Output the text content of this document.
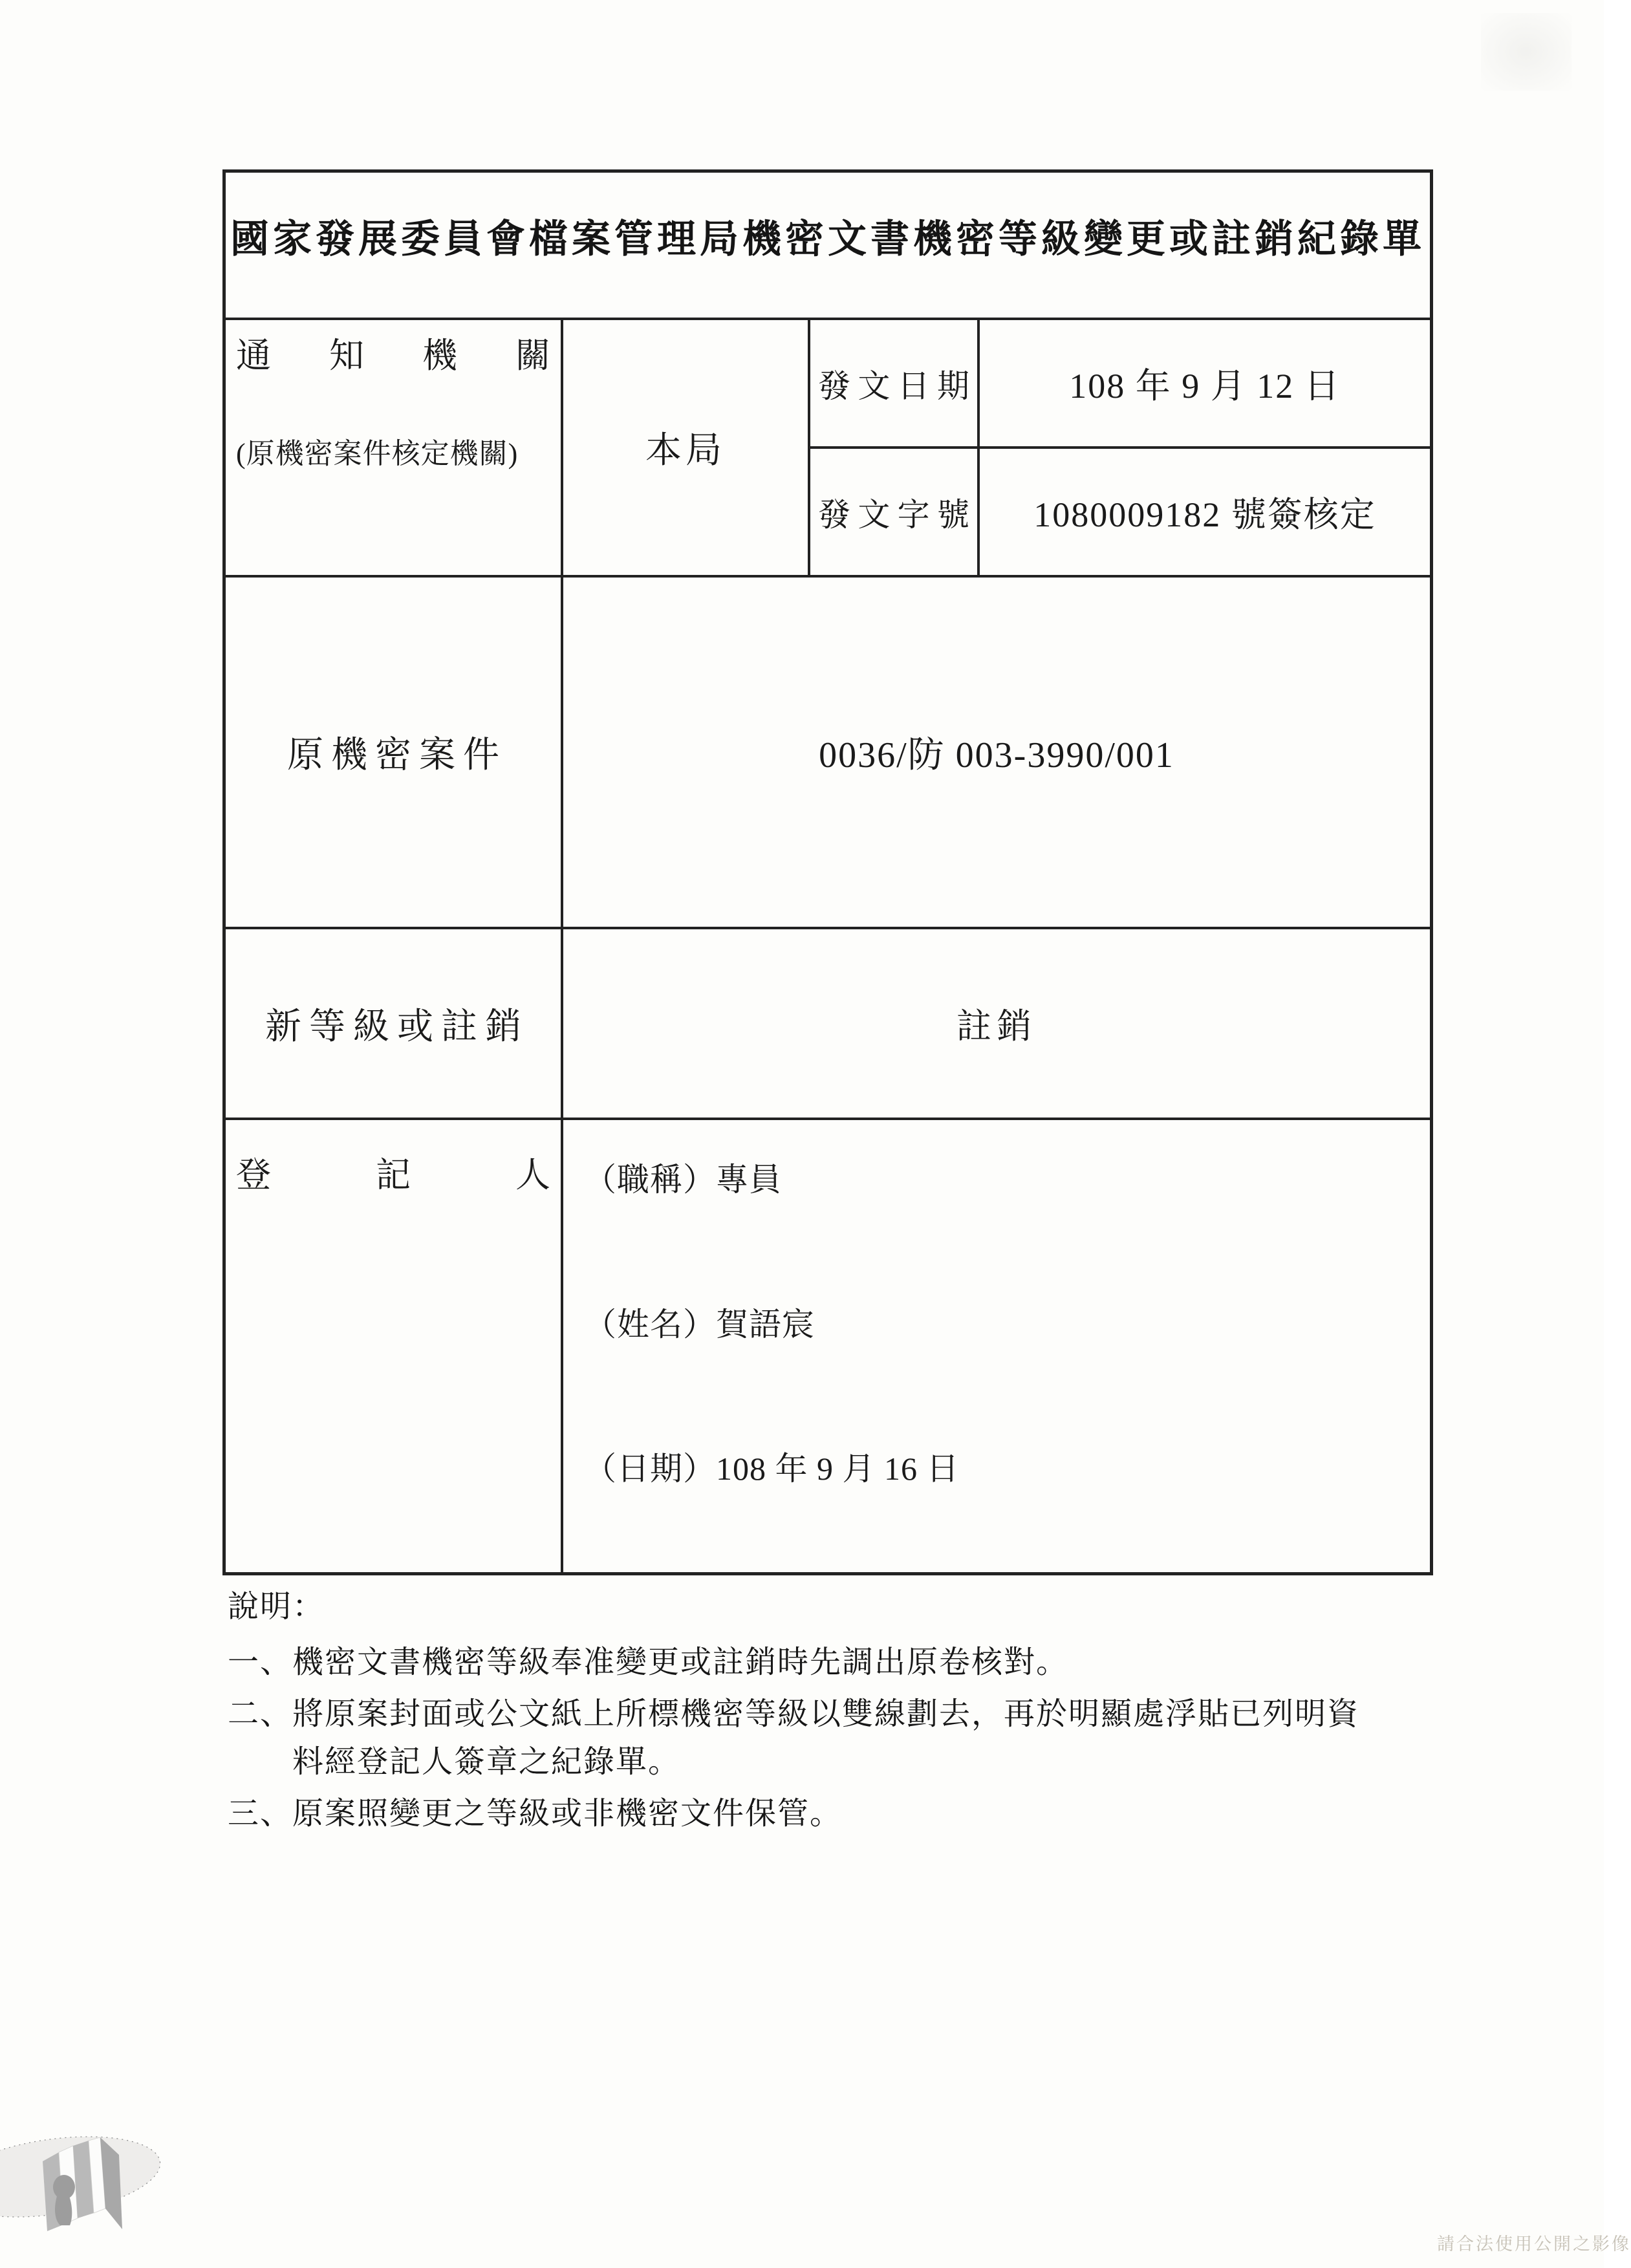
國家發展委員會檔案管理局機密文書機密等級變更或註銷紀錄單
通　知　機　關
(原機密案件核定機關)	本局
發文日期	108 年 9 月 12 日
發文字號	1080009182 號簽核定
原機密案件	0036/防 003-3990/001
新等級或註銷	註銷
登　記　人 （職稱）專員
（姓名）賀語宸
（日期）108 年 9 月 16 日
說明：
一、機密文書機密等級奉准變更或註銷時先調出原卷核對。
二、將原案封面或公文紙上所標機密等級以雙線劃去，再於明顯處浮貼已列明資
料經登記人簽章之紀錄單。
三、原案照變更之等級或非機密文件保管。
請合法使用公開之影像
